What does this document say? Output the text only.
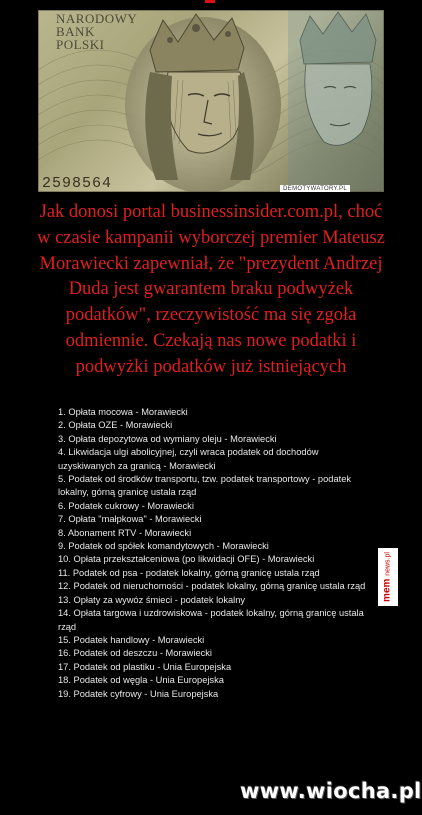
NARODOWY
BANK
POLSKI
2598564	DEMOTYWATORY.PL

Jak donosi portal businessinsider.com.pl, choć w czasie kampanii wyborczej premier Mateusz Morawiecki zapewniał, że "prezydent Andrzej Duda jest gwarantem braku podwyżek podatków", rzeczywistość ma się zgoła odmiennie. Czekają nas nowe podatki i podwyżki podatków już istniejących

1. Opłata mocowa - Morawiecki
2. Opłata OZE - Morawiecki
3. Opłata depozytowa od wymiany oleju - Morawiecki
4. Likwidacja ulgi abolicyjnej, czyli wraca podatek od dochodów uzyskiwanych za granicą - Morawiecki
5. Podatek od środków transportu, tzw. podatek transportowy - podatek lokalny, górną granicę ustala rząd
6. Podatek cukrowy - Morawiecki
7. Opłata "małpkowa" - Morawiecki
8. Abonament RTV - Morawiecki
9. Podatek od spółek komandytowych - Morawiecki
10. Opłata przekształceniowa (po likwidacji OFE) - Morawiecki
11. Podatek od psa - podatek lokalny, górną granicę ustala rząd
12. Podatek od nieruchomości - podatek lokalny, górną granicę ustala rząd
13. Opłaty za wywóz śmieci - podatek lokalny
14. Opłata targowa i uzdrowiskowa - podatek lokalny, górną granicę ustala rząd
15. Podatek handlowy - Morawiecki
16. Podatek od deszczu - Morawiecki
17. Podatek od plastiku - Unia Europejska
18. Podatek od węgla - Unia Europejska
19. Podatek cyfrowy - Unia Europejska
mem news.pl
www.wiocha.pl
